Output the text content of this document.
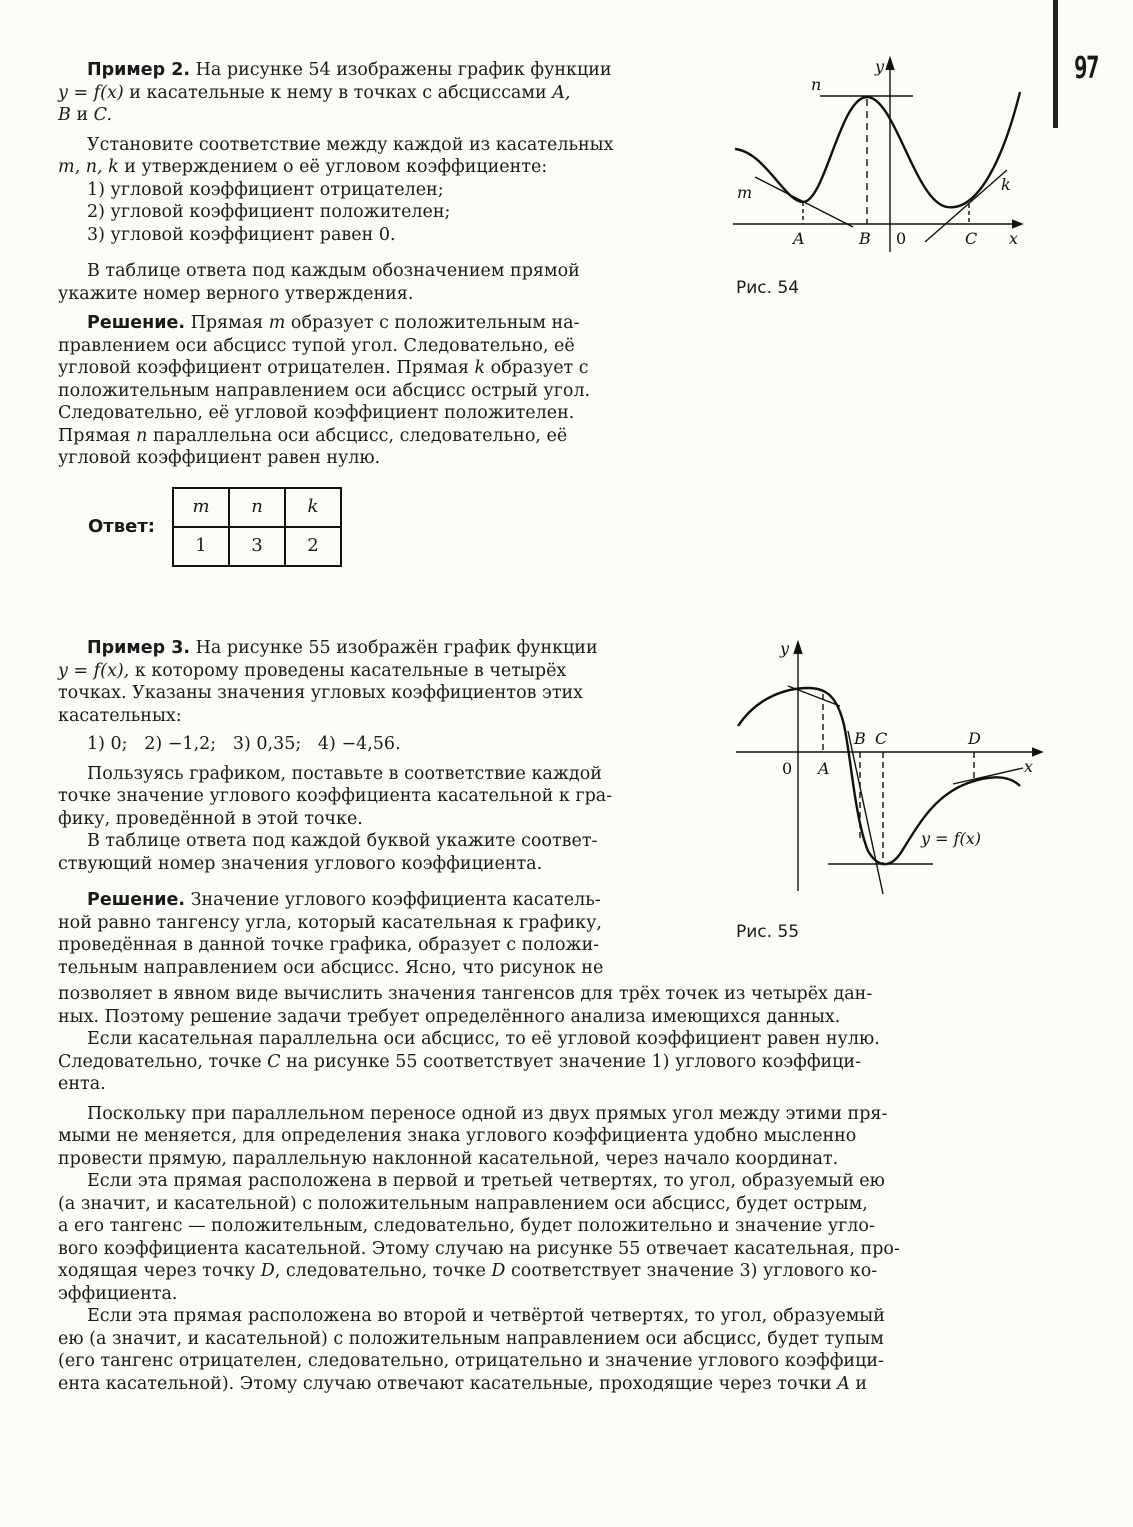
97

Пример 2. На рисунке 54 изображены график функции

y = f(x) и касательные к нему в точках с абсциссами A,

B и C.

Установите соответствие между каждой из касательных

m, n, k и утверждением о её угловом коэффициенте:

1) угловой коэффициент отрицателен;
2) угловой коэффициент положителен;
3) угловой коэффициент равен 0.

В таблице ответа под каждым обозначением прямой

укажите номер верного утверждения.

Решение. Прямая m образует с положительным на-

правлением оси абсцисс тупой угол. Следовательно, её

угловой коэффициент отрицателен. Прямая k образует с

положительным направлением оси абсцисс острый угол.

Следовательно, её угловой коэффициент положителен.

Прямая n параллельна оси абсцисс, следовательно, её

угловой коэффициент равен нулю.

Ответ:
m	n	k
1	3	2
y
n
m	k
A	B	C x
0
Рис. 54

Пример 3. На рисунке 55 изображён график функции

y = f(x), к которому проведены касательные в четырёх

точках. Указаны значения угловых коэффициентов этих

касательных:

1) 0;   2) −1,2;   3) 0,35;   4) −4,56.

Пользуясь графиком, поставьте в соответствие каждой

точке значение углового коэффициента касательной к гра-

фику, проведённой в этой точке.

В таблице ответа под каждой буквой укажите соответ-

ствующий номер значения углового коэффициента.

Решение. Значение углового коэффициента касатель-

ной равно тангенсу угла, который касательная к графику,

проведённая в данной точке графика, образует с положи-

тельным направлением оси абсцисс. Ясно, что рисунок не

позволяет в явном виде вычислить значения тангенсов для трёх точек из четырёх дан-

ных. Поэтому решение задачи требует определённого анализа имеющихся данных.

Если касательная параллельна оси абсцисс, то её угловой коэффициент равен нулю.

Следовательно, точке C на рисунке 55 соответствует значение 1) углового коэффици-

ента.

Поскольку при параллельном переносе одной из двух прямых угол между этими пря-

мыми не меняется, для определения знака углового коэффициента удобно мысленно

провести прямую, параллельную наклонной касательной, через начало координат.

Если эта прямая расположена в первой и третьей четвертях, то угол, образуемый ею

(а значит, и касательной) с положительным направлением оси абсцисс, будет острым,

а его тангенс — положительным, следовательно, будет положительно и значение угло-

вого коэффициента касательной. Этому случаю на рисунке 55 отвечает касательная, про-

ходящая через точку D, следовательно, точке D соответствует значение 3) углового ко-

эффициента.

Если эта прямая расположена во второй и четвёртой четвертях, то угол, образуемый

ею (а значит, и касательной) с положительным направлением оси абсцисс, будет тупым

(его тангенс отрицателен, следовательно, отрицательно и значение углового коэффици-

ента касательной). Этому случаю отвечают касательные, проходящие через точки A и

y
x
A
B C	D
0
y = f(x)
Рис. 55
